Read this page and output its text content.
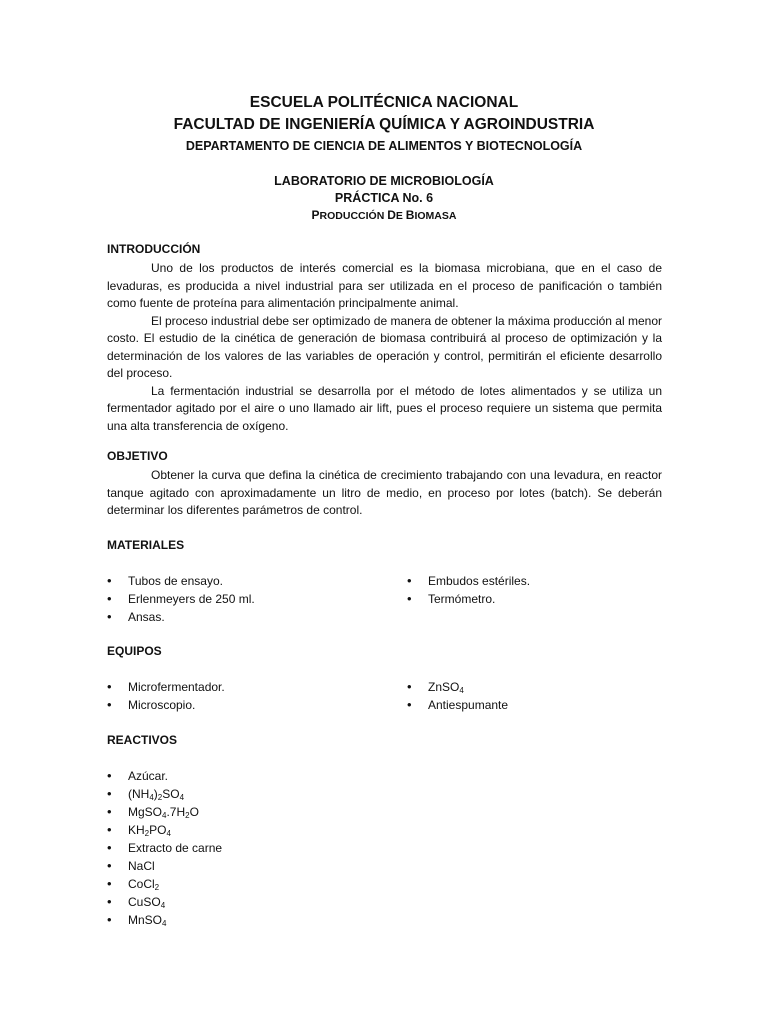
ESCUELA POLITÉCNICA NACIONAL
FACULTAD DE INGENIERÍA QUÍMICA Y AGROINDUSTRIA
DEPARTAMENTO DE CIENCIA DE ALIMENTOS Y BIOTECNOLOGÍA
LABORATORIO DE MICROBIOLOGÍA
PRÁCTICA No. 6
PRODUCCIÓN DE BIOMASA
INTRODUCCIÓN

Uno de los productos de interés comercial es la biomasa microbiana, que en el caso de levaduras, es producida a nivel industrial para ser utilizada en el proceso de panificación o también como fuente de proteína para alimentación principalmente animal.

El proceso industrial debe ser optimizado de manera de obtener la máxima producción al menor costo. El estudio de la cinética de generación de biomasa contribuirá al proceso de optimización y la determinación de los valores de las variables de operación y control, permitirán el eficiente desarrollo del proceso.

La fermentación industrial se desarrolla por el método de lotes alimentados y se utiliza un fermentador agitado por el aire o uno llamado air lift, pues el proceso requiere un sistema que permita una alta transferencia de oxígeno.

OBJETIVO

Obtener la curva que defina la cinética de crecimiento trabajando con una levadura, en reactor tanque agitado con aproximadamente un litro de medio, en proceso por lotes (batch). Se deberán determinar los diferentes parámetros de control.

MATERIALES
• Tubos de ensayo.
• Erlenmeyers de 250 ml.
• Ansas.
• Embudos estériles.
• Termómetro.
EQUIPOS
• Microfermentador.
• Microscopio.
• ZnSO$_4$
• Antiespumante
REACTIVOS
• Azúcar.
• $(NH_4)_2SO_4$
• $MgSO_4.7H_2O$
• $KH_2PO_4$
• Extracto de carne
• NaCl
• CoCl$_2$
• CuSO$_4$
• MnSO$_4$
